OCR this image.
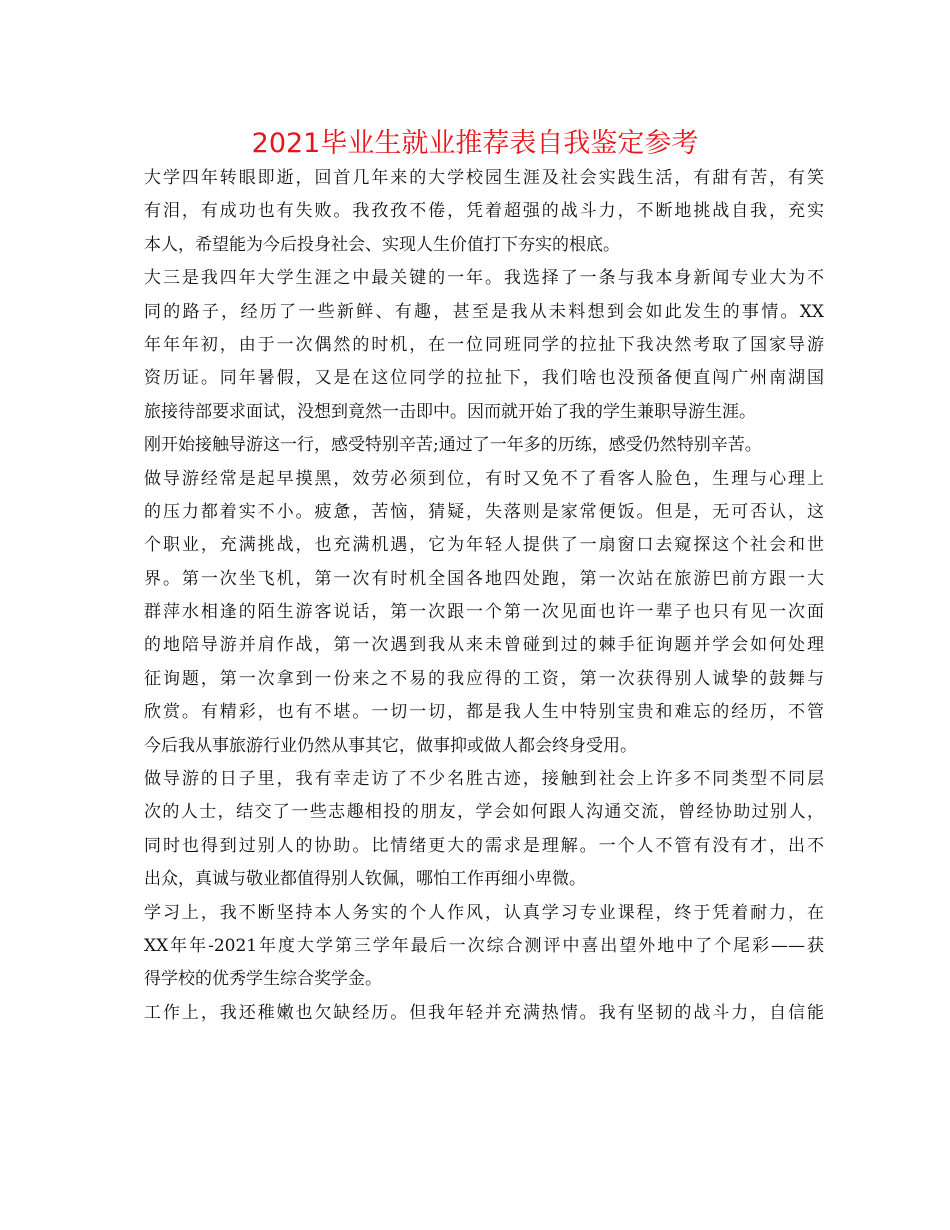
2021毕业生就业推荐表自我鉴定参考
大学四年转眼即逝，回首几年来的大学校园生涯及社会实践生活，有甜有苦，有笑
有泪，有成功也有失败。我孜孜不倦，凭着超强的战斗力，不断地挑战自我，充实
本人，希望能为今后投身社会、实现人生价值打下夯实的根底。
大三是我四年大学生涯之中最关键的一年。我选择了一条与我本身新闻专业大为不
同的路子，经历了一些新鲜、有趣，甚至是我从未料想到会如此发生的事情。XX
年年年初，由于一次偶然的时机，在一位同班同学的拉扯下我决然考取了国家导游
资历证。同年暑假，又是在这位同学的拉扯下，我们啥也没预备便直闯广州南湖国
旅接待部要求面试，没想到竟然一击即中。因而就开始了我的学生兼职导游生涯。
刚开始接触导游这一行，感受特别辛苦;通过了一年多的历练，感受仍然特别辛苦。
做导游经常是起早摸黑，效劳必须到位，有时又免不了看客人脸色，生理与心理上
的压力都着实不小。疲惫，苦恼，猜疑，失落则是家常便饭。但是，无可否认，这
个职业，充满挑战，也充满机遇，它为年轻人提供了一扇窗口去窥探这个社会和世
界。第一次坐飞机，第一次有时机全国各地四处跑，第一次站在旅游巴前方跟一大
群萍水相逢的陌生游客说话，第一次跟一个第一次见面也许一辈子也只有见一次面
的地陪导游并肩作战，第一次遇到我从来未曾碰到过的棘手征询题并学会如何处理
征询题，第一次拿到一份来之不易的我应得的工资，第一次获得别人诚挚的鼓舞与
欣赏。有精彩，也有不堪。一切一切，都是我人生中特别宝贵和难忘的经历，不管
今后我从事旅游行业仍然从事其它，做事抑或做人都会终身受用。
做导游的日子里，我有幸走访了不少名胜古迹，接触到社会上许多不同类型不同层
次的人士，结交了一些志趣相投的朋友，学会如何跟人沟通交流，曾经协助过别人，
同时也得到过别人的协助。比情绪更大的需求是理解。一个人不管有没有才，出不
出众，真诚与敬业都值得别人钦佩，哪怕工作再细小卑微。
学习上，我不断坚持本人务实的个人作风，认真学习专业课程，终于凭着耐力，在
XX年年-2021年度大学第三学年最后一次综合测评中喜出望外地中了个尾彩——获
得学校的优秀学生综合奖学金。
工作上，我还稚嫩也欠缺经历。但我年轻并充满热情。我有坚韧的战斗力，自信能
